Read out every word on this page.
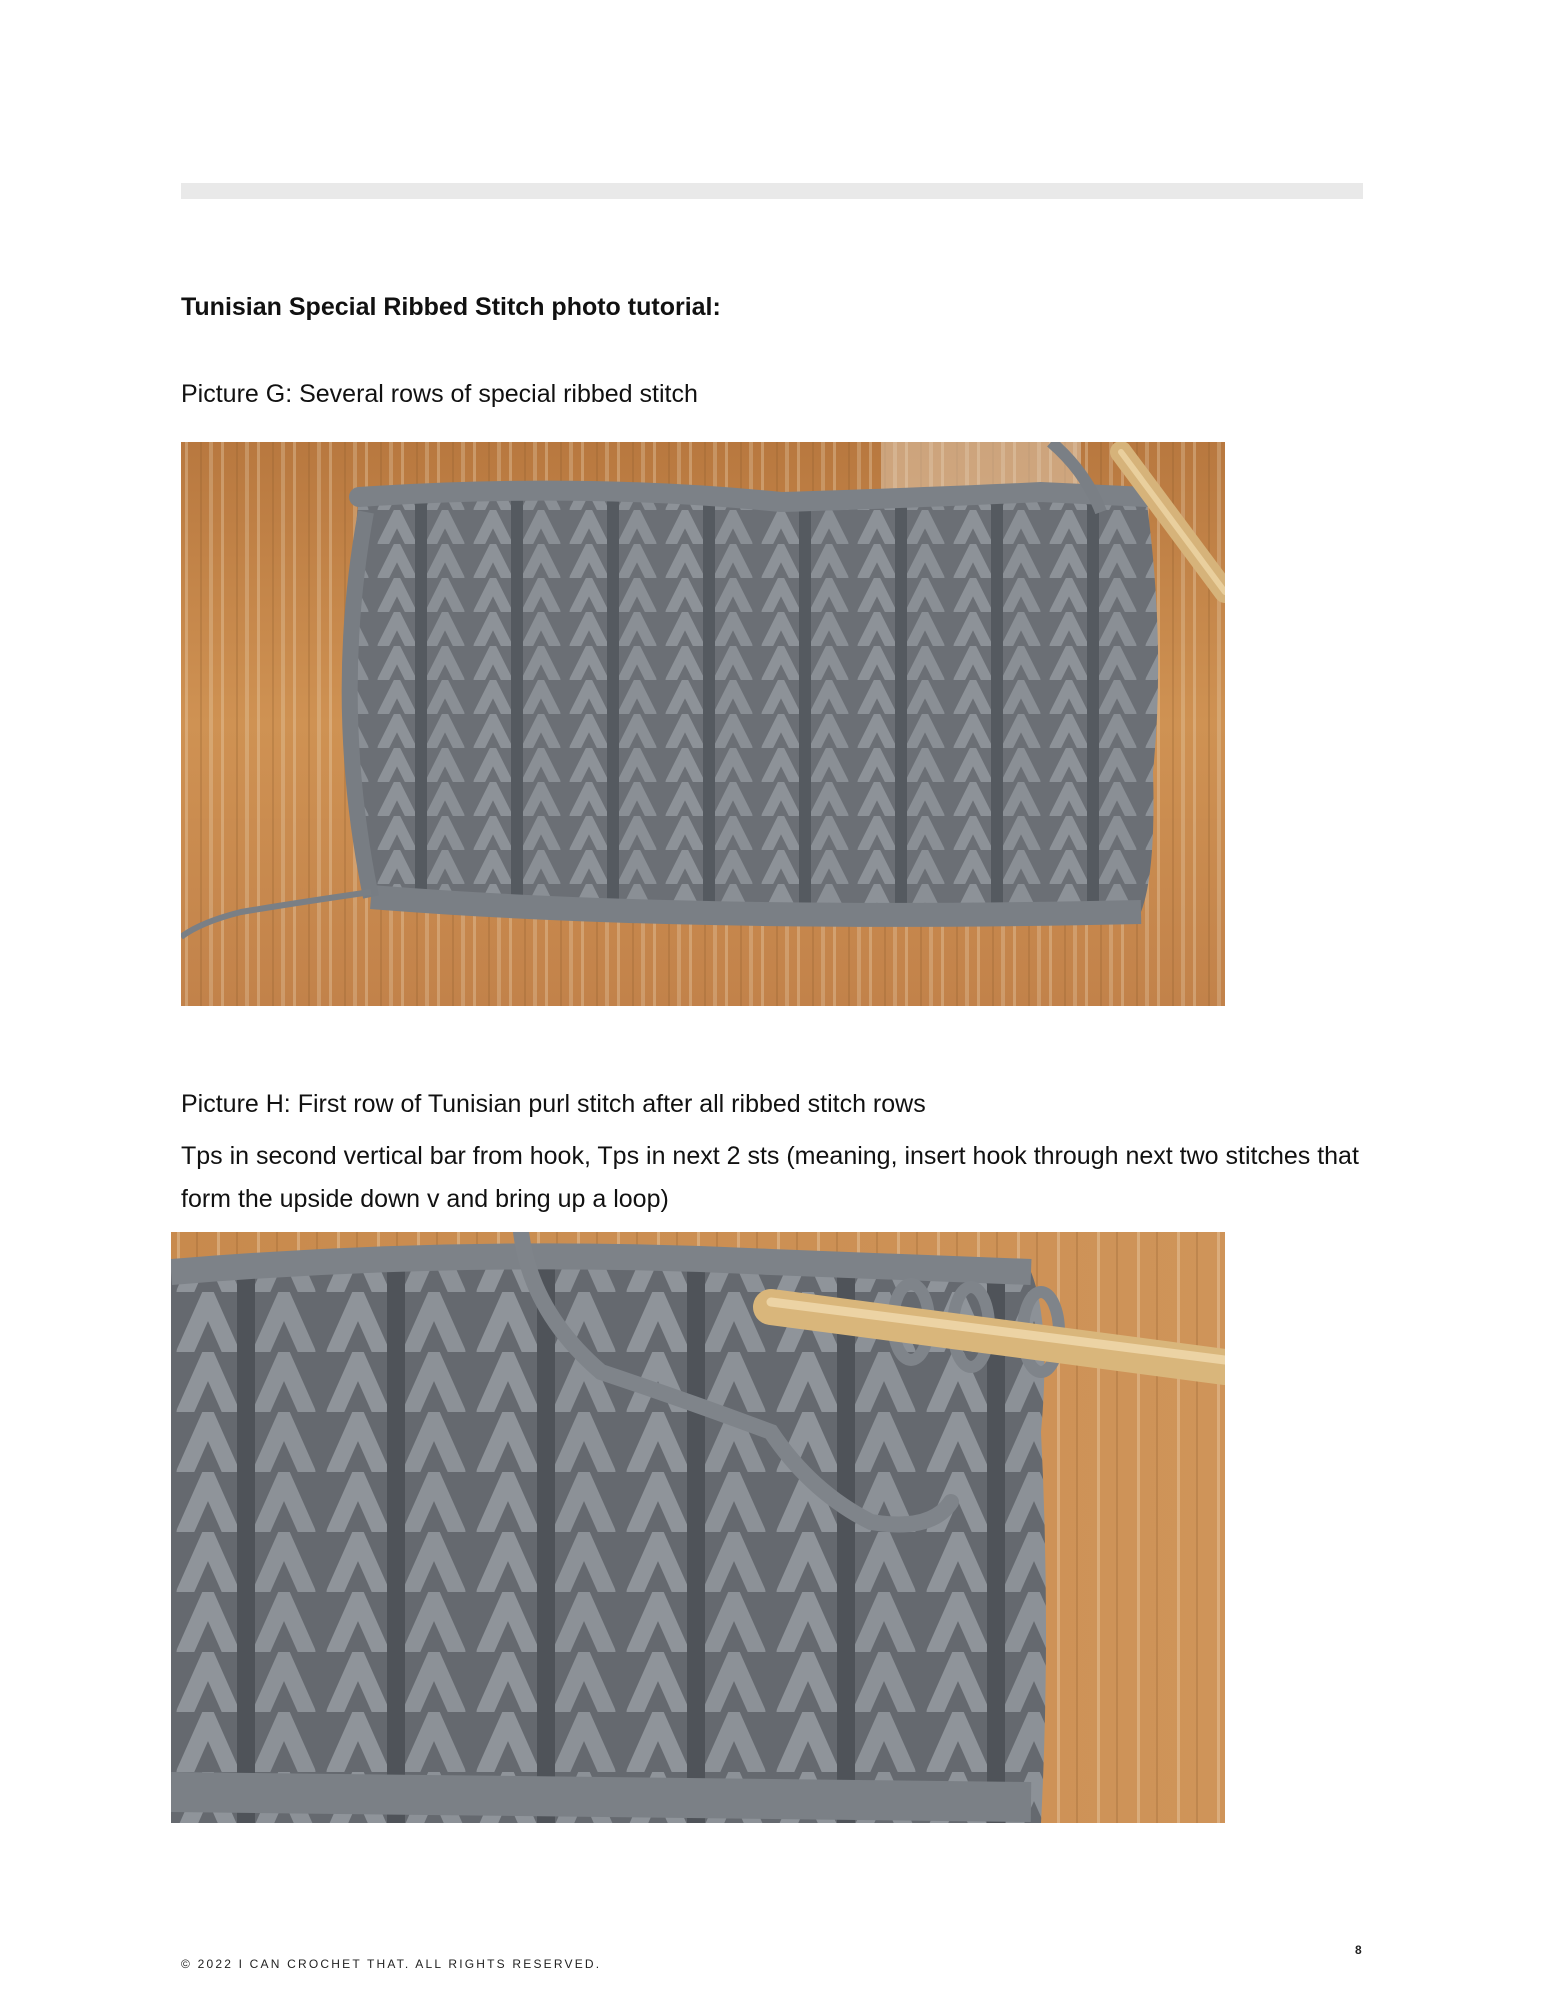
Tunisian Special Ribbed Stitch photo tutorial:
Picture G: Several rows of special ribbed stitch
Picture H: First row of Tunisian purl stitch after all ribbed stitch rows
Tps in second vertical bar from hook, Tps in next 2 sts (meaning, insert hook through next two stitches that form the upside down v and bring up a loop)
8
© 2022 I CAN CROCHET THAT. ALL RIGHTS RESERVED.
